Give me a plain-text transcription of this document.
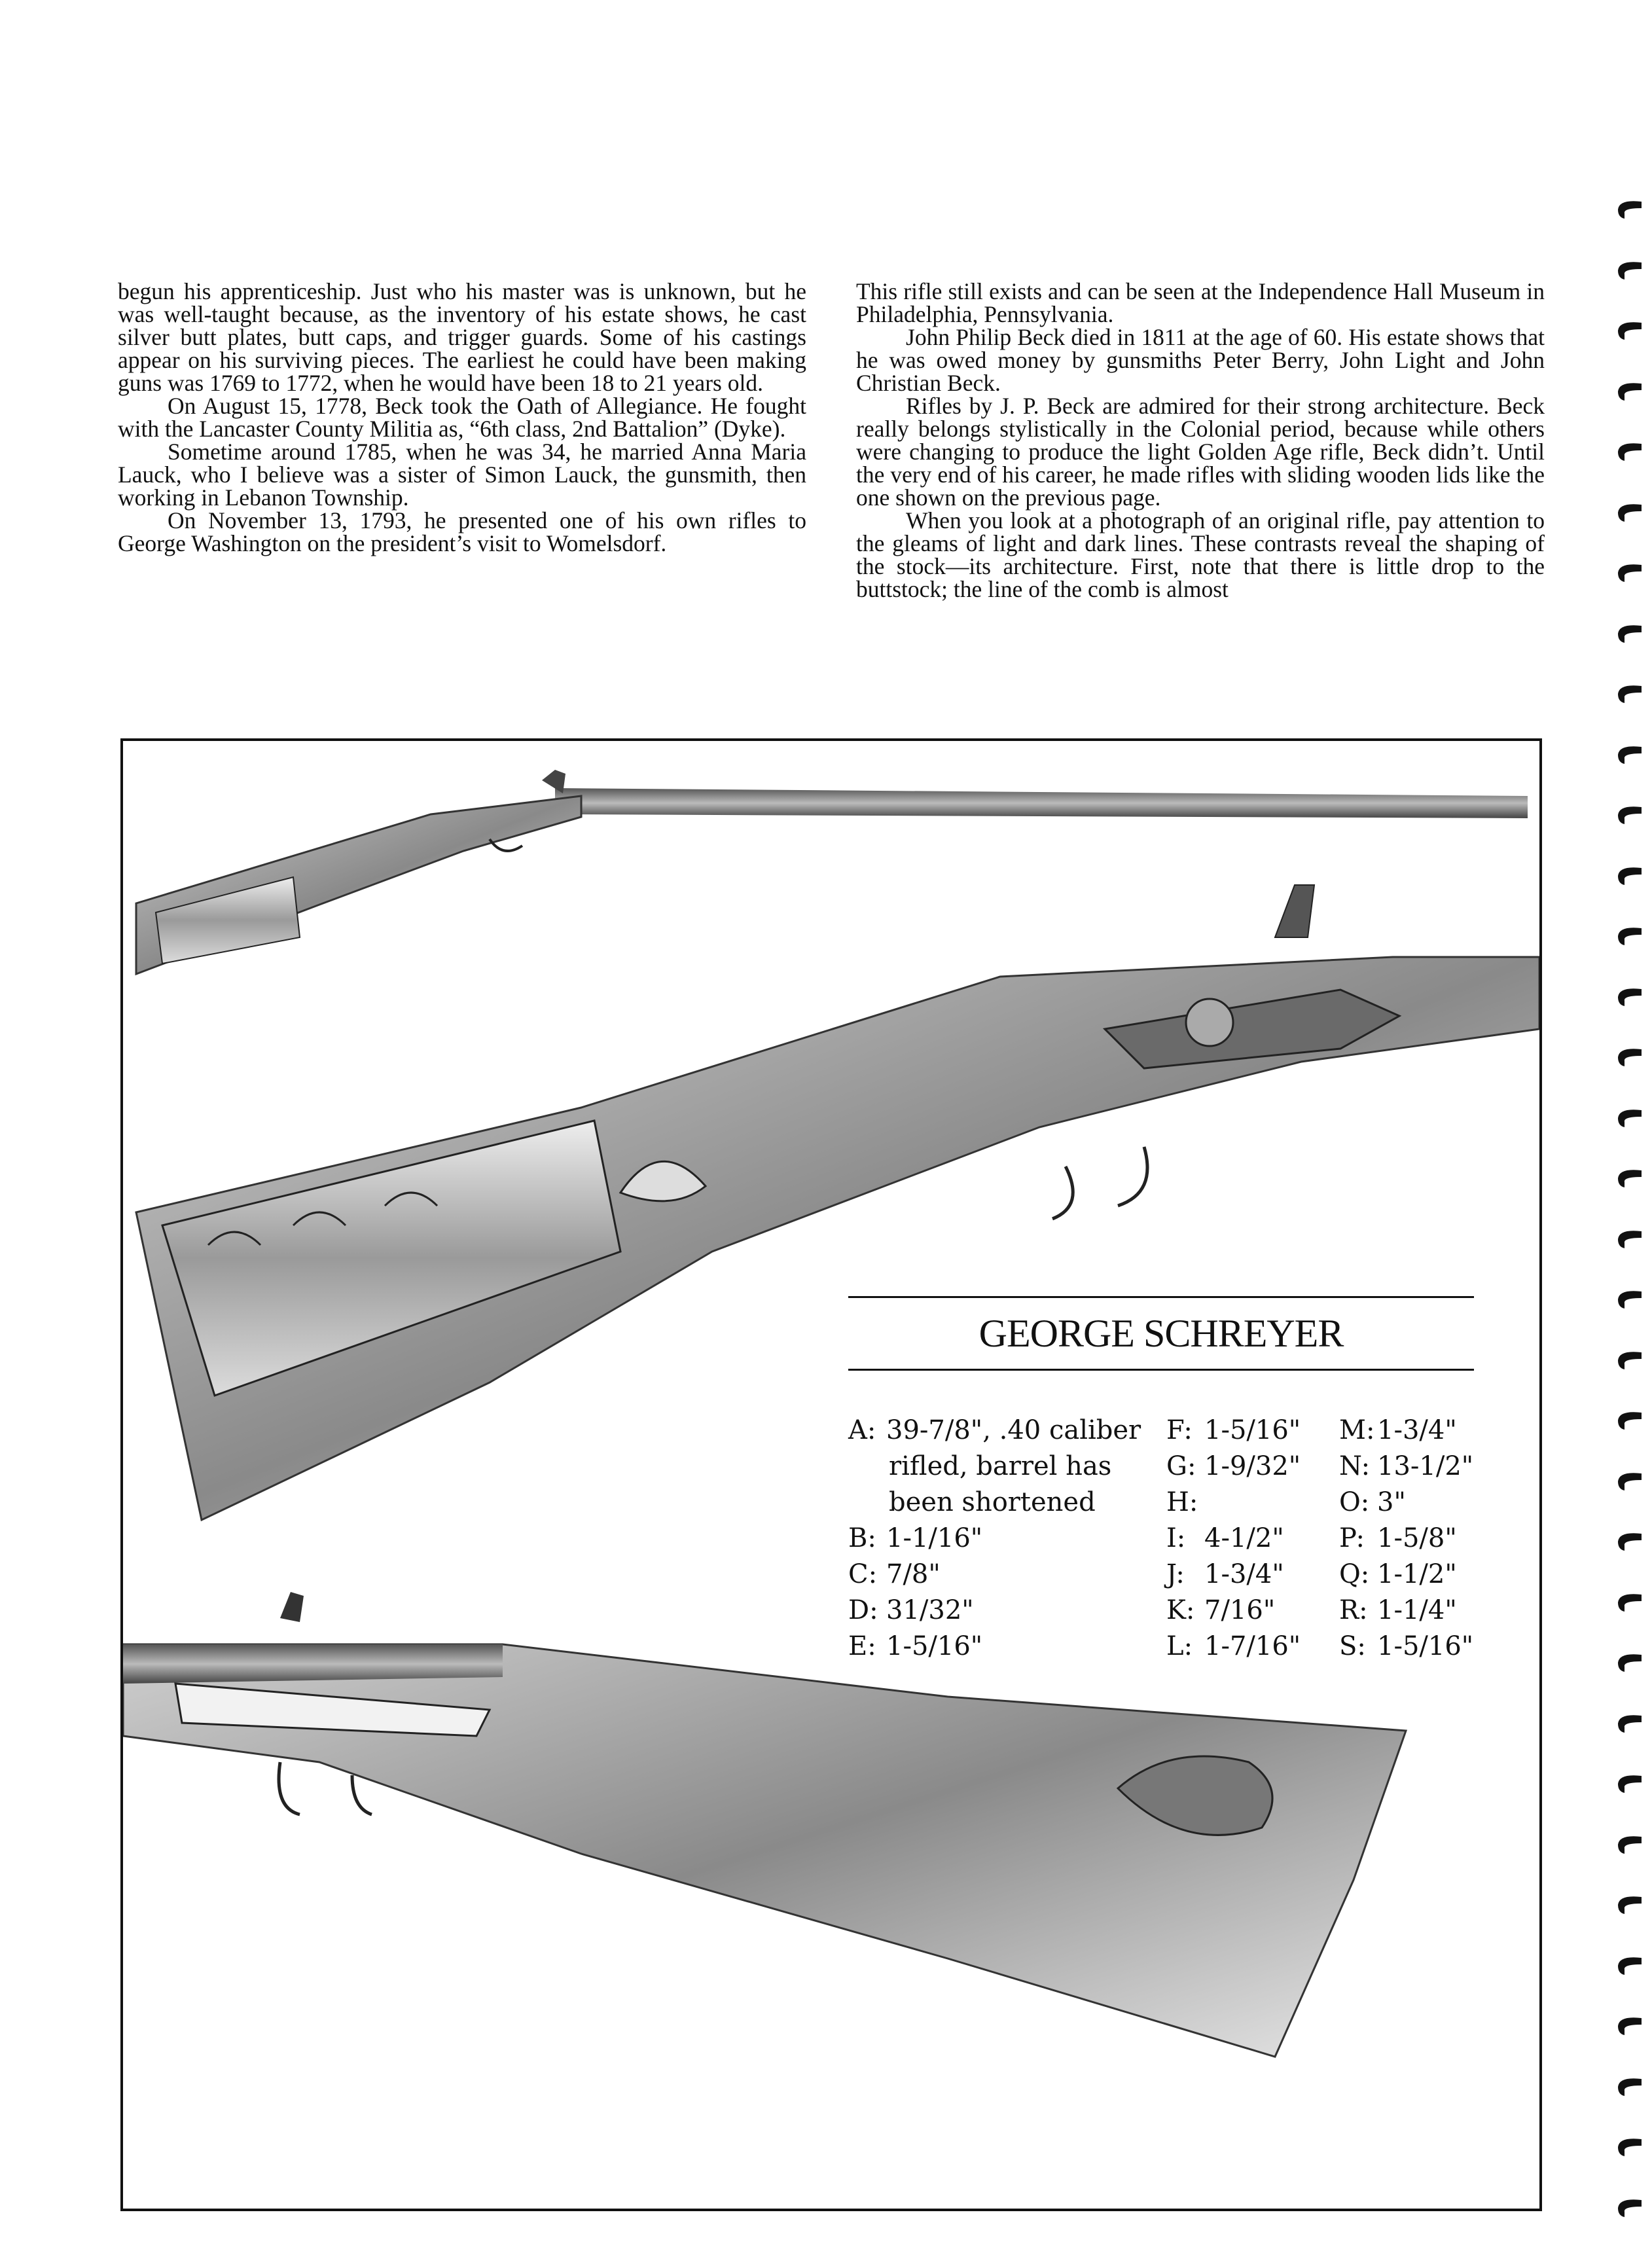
begun his apprenticeship. Just who his master was is unknown, but he was well-taught because, as the inventory of his estate shows, he cast silver butt plates, butt caps, and trigger guards. Some of his castings appear on his surviving pieces. The earliest he could have been making guns was 1769 to 1772, when he would have been 18 to 21 years old.

On August 15, 1778, Beck took the Oath of Allegiance. He fought with the Lancaster County Militia as, “6th class, 2nd Battalion” (Dyke).

Sometime around 1785, when he was 34, he married Anna Maria Lauck, who I believe was a sister of Simon Lauck, the gunsmith, then working in Lebanon Township.

On November 13, 1793, he presented one of his own rifles to George Washington on the president’s visit to Womelsdorf.

This rifle still exists and can be seen at the Independence Hall Museum in Philadelphia, Pennsylvania.

John Philip Beck died in 1811 at the age of 60. His estate shows that he was owed money by gunsmiths Peter Berry, John Light and John Christian Beck.

Rifles by J. P. Beck are admired for their strong architecture. Beck really belongs stylistically in the Colonial period, because while others were changing to produce the light Golden Age rifle, Beck didn’t. Until the very end of his career, he made rifles with sliding wooden lids like the one shown on the previous page.

When you look at a photograph of an original rifle, pay attention to the gleams of light and dark lines. These contrasts reveal the shaping of the stock—its architecture. First, note that there is little drop to the buttstock; the line of the comb is almost

GEORGE SCHREYER
A: 39-7/8", .40 caliber
rifled, barrel has
been shortened
B: 1-1/16"
C: 7/8"
D: 31/32"
E: 1-5/16"
F: 1-5/16"
G: 1-9/32"
H:
I: 4-1/2"
J: 1-3/4"
K: 7/16"
L: 1-7/16"
M:1-3/4"
N: 13-1/2"
O: 3"
P: 1-5/8"
Q: 1-1/2"
R: 1-1/4"
S: 1-5/16"
